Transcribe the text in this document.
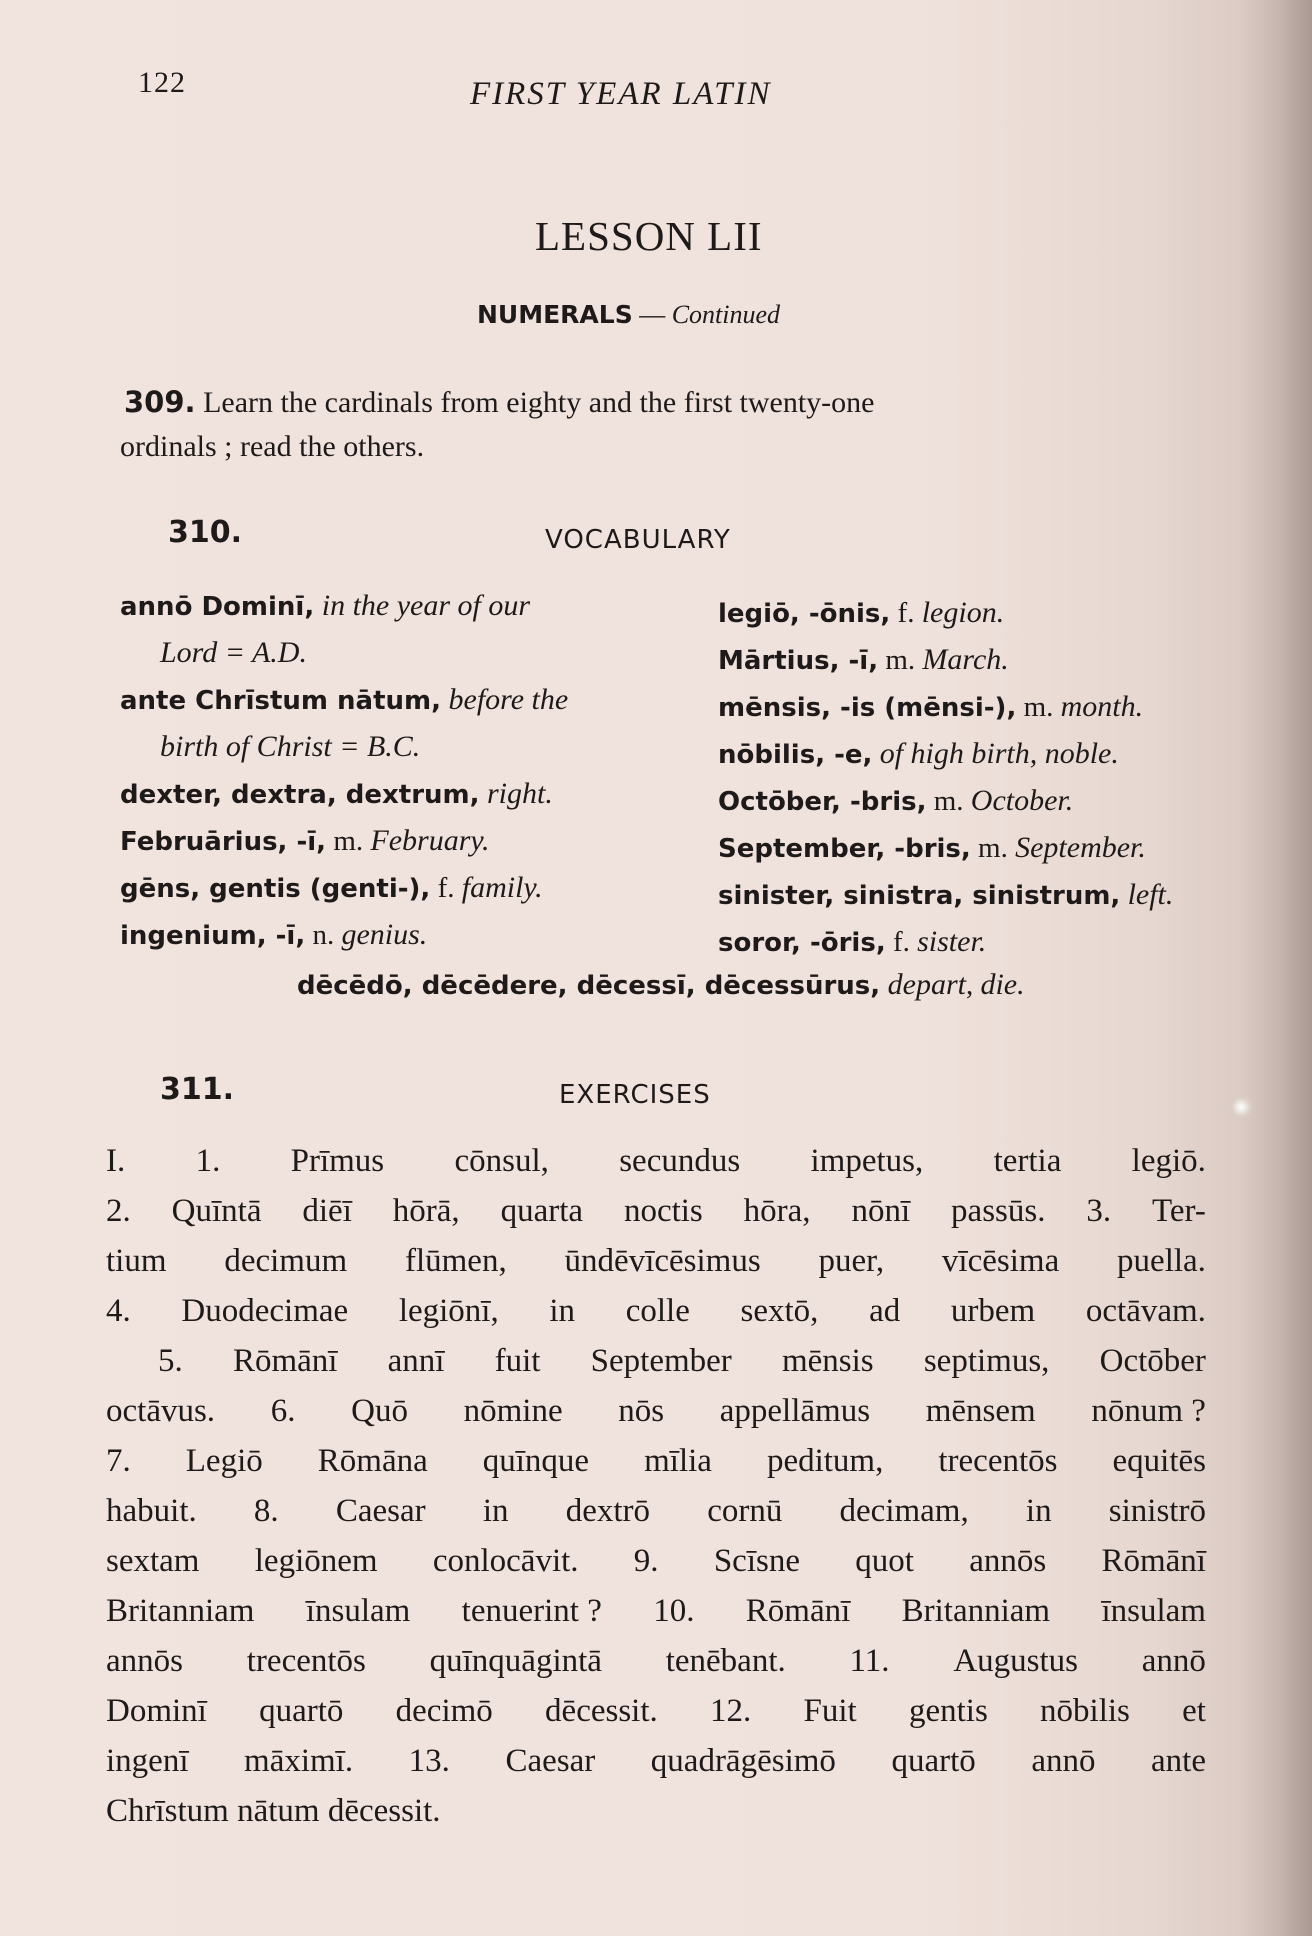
122	FIRST YEAR LATIN
LESSON LII
NUMERALS — Continued
309. Learn the cardinals from eighty and the first twenty-one
ordinals ; read the others.
310.	VOCABULARY
annō Dominī, in the year of our
Lord = A.D.
ante Chrīstum nātum, before the
birth of Christ = B.C.
dexter, dextra, dextrum, right.
Februārius, -ī, m. February.
gēns, gentis (genti-), f. family.
ingenium, -ī, n. genius.
legiō, -ōnis, f. legion.
Mārtius, -ī, m. March.
mēnsis, -is (mēnsi-), m. month.
nōbilis, -e, of high birth, noble.
Octōber, -bris, m. October.
September, -bris, m. September.
sinister, sinistra, sinistrum, left.
soror, -ōris, f. sister.
dēcēdō, dēcēdere, dēcessī, dēcessūrus, depart, die.
311.	EXERCISES
I. 1. Prīmus cōnsul, secundus impetus, tertia legiō.
2. Quīntā diēī hōrā, quarta noctis hōra, nōnī passūs. 3. Ter-
tium decimum flūmen, ūndēvīcēsimus puer, vīcēsima puella.
4. Duodecimae legiōnī, in colle sextō, ad urbem octāvam.
5. Rōmānī annī fuit September mēnsis septimus, Octōber
octāvus. 6. Quō nōmine nōs appellāmus mēnsem nōnum ?
7. Legiō Rōmāna quīnque mīlia peditum, trecentōs equitēs
habuit. 8. Caesar in dextrō cornū decimam, in sinistrō
sextam legiōnem conlocāvit. 9. Scīsne quot annōs Rōmānī
Britanniam īnsulam tenuerint ? 10. Rōmānī Britanniam īnsulam
annōs trecentōs quīnquāgintā tenēbant. 11. Augustus annō
Dominī quartō decimō dēcessit. 12. Fuit gentis nōbilis et
ingenī māximī. 13. Caesar quadrāgēsimō quartō annō ante
Chrīstum nātum dēcessit.
